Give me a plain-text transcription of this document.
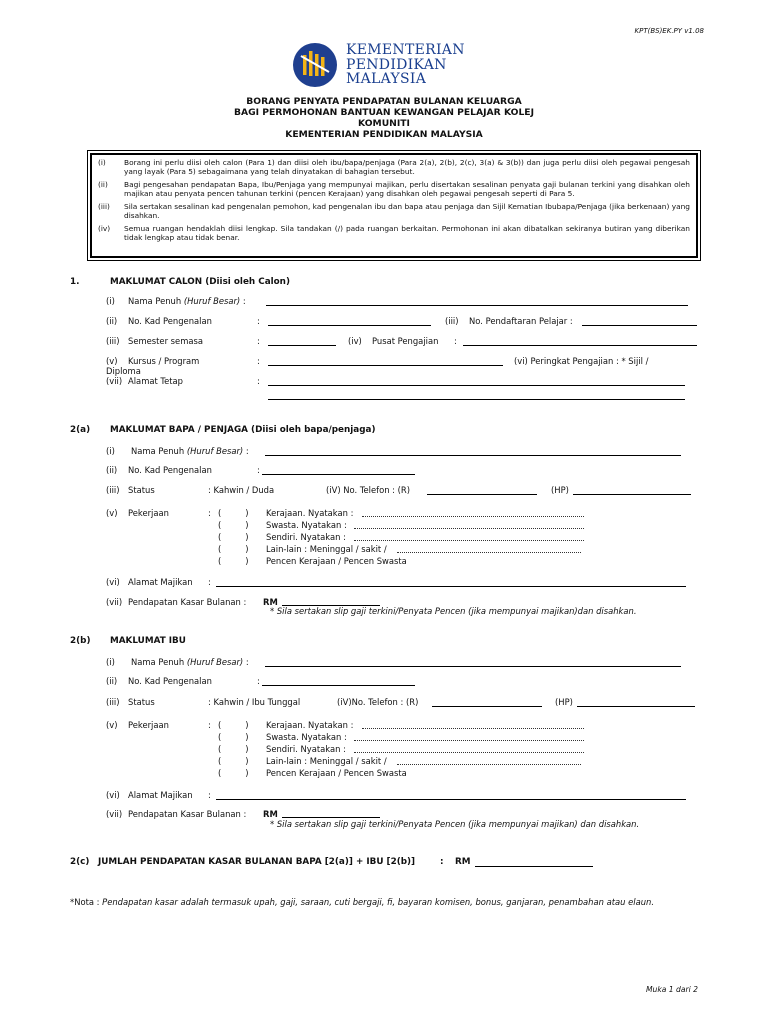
KPT(BS)EK.PY v1.08
KEMENTERIAN
PENDIDIKAN
MALAYSIA
BORANG PENYATA PENDAPATAN BULANAN KELUARGA
BAGI PERMOHONAN BANTUAN KEWANGAN PELAJAR KOLEJ
KOMUNITI
KEMENTERIAN PENDIDIKAN MALAYSIA
(i)	Borang ini perlu diisi oleh calon (Para 1) dan diisi oleh ibu/bapa/penjaga (Para 2(a), 2(b), 2(c), 3(a) & 3(b)) dan juga perlu diisi oleh pegawai pengesah yang layak (Para 5) sebagaimana yang telah dinyatakan di bahagian tersebut.
(ii)	Bagi pengesahan pendapatan Bapa, Ibu/Penjaga yang mempunyai majikan, perlu disertakan sesalinan penyata gaji bulanan terkini yang disahkan oleh majikan atau penyata pencen tahunan terkini (pencen Kerajaan) yang disahkan oleh pegawai pengesah seperti di Para 5.
(iii)	Sila sertakan sesalinan kad pengenalan pemohon, kad pengenalan ibu dan bapa atau penjaga dan Sijil Kematian Ibubapa/Penjaga (jika berkenaan) yang disahkan.
(iv)	Semua ruangan hendaklah diisi lengkap. Sila tandakan (/) pada ruangan berkaitan. Permohonan ini akan dibatalkan sekiranya butiran yang diberikan tidak lengkap atau tidak benar.
1.	MAKLUMAT CALON (Diisi oleh Calon)
(i) Nama Penuh (Huruf Besar) :
(ii) No. Kad Pengenalan	:	(iii) No. Pendaftaran Pelajar :
(iii) Semester semasa	:	(iv) Pusat Pengajian :
(v) Kursus / Program	:	(vi) Peringkat Pengajian : * Sijil /
Diploma
(vii) Alamat Tetap	:
2(a) MAKLUMAT BAPA / PENJAGA (Diisi oleh bapa/penjaga)
(i) Nama Penuh (Huruf Besar) :
(ii) No. Kad Pengenalan	:
(iii) Status	: Kahwin / Duda	(iV) No. Telefon : (R)	(HP)
(v) Pekerjaan	: (         ) Kerajaan. Nyatakan :
(         ) Swasta. Nyatakan :
(         ) Sendiri. Nyatakan :
(         ) Lain-lain : Meninggal / sakit /
(         ) Pencen Kerajaan / Pencen Swasta
(vi) Alamat Majikan :
(vii) Pendapatan Kasar Bulanan : RM
* Sila sertakan slip gaji terkini/Penyata Pencen (jika mempunyai majikan)dan disahkan.
2(b) MAKLUMAT IBU
(i) Nama Penuh (Huruf Besar) :
(ii) No. Kad Pengenalan	:
(iii) Status	: Kahwin / Ibu Tunggal	(iV)No. Telefon : (R)	(HP)
(v) Pekerjaan	: (         ) Kerajaan. Nyatakan :
(         ) Swasta. Nyatakan :
(         ) Sendiri. Nyatakan :
(         ) Lain-lain : Meninggal / sakit /
(         ) Pencen Kerajaan / Pencen Swasta
(vi) Alamat Majikan :
(vii) Pendapatan Kasar Bulanan : RM
* Sila sertakan slip gaji terkini/Penyata Pencen (jika mempunyai majikan) dan disahkan.
2(c) JUMLAH PENDAPATAN KASAR BULANAN BAPA [2(a)] + IBU [2(b)]	: RM
*Nota : Pendapatan kasar adalah termasuk upah, gaji, saraan, cuti bergaji, fi, bayaran komisen, bonus, ganjaran, penambahan atau elaun.
Muka 1 dari 2
